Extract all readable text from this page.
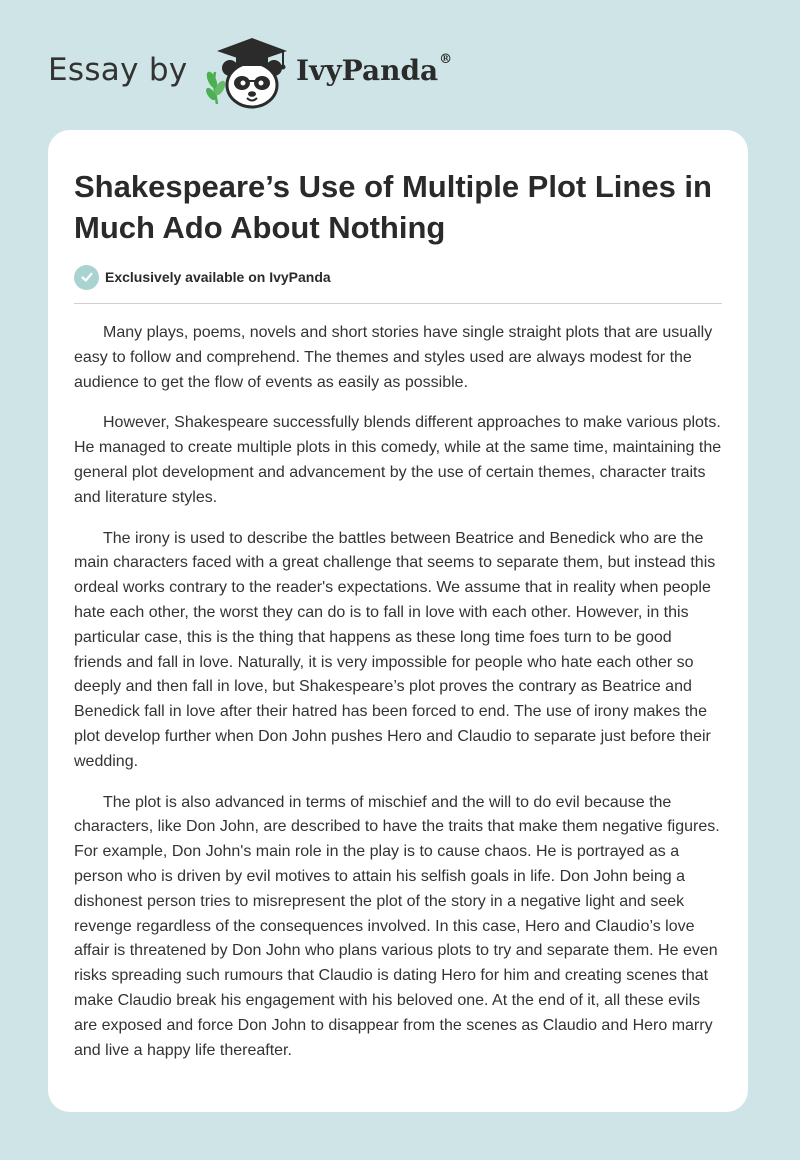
Essay by	IvyPanda®
Shakespeare’s Use of Multiple Plot Lines in Much Ado About Nothing
Exclusively available on IvyPanda

Many plays, poems, novels and short stories have single straight plots that are usually easy to follow and comprehend. The themes and styles used are always modest for the audience to get the flow of events as easily as possible.

However, Shakespeare successfully blends different approaches to make various plots. He managed to create multiple plots in this comedy, while at the same time, maintaining the general plot development and advancement by the use of certain themes, character traits and literature styles.

The irony is used to describe the battles between Beatrice and Benedick who are the main characters faced with a great challenge that seems to separate them, but instead this ordeal works contrary to the reader's expectations. We assume that in reality when people hate each other, the worst they can do is to fall in love with each other. However, in this particular case, this is the thing that happens as these long time foes turn to be good friends and fall in love. Naturally, it is very impossible for people who hate each other so deeply and then fall in love, but Shakespeare’s plot proves the contrary as Beatrice and Benedick fall in love after their hatred has been forced to end. The use of irony makes the plot develop further when Don John pushes Hero and Claudio to separate just before their wedding.

The plot is also advanced in terms of mischief and the will to do evil because the characters, like Don John, are described to have the traits that make them negative figures. For example, Don John's main role in the play is to cause chaos. He is portrayed as a person who is driven by evil motives to attain his selfish goals in life. Don John being a dishonest person tries to misrepresent the plot of the story in a negative light and seek revenge regardless of the consequences involved. In this case, Hero and Claudio’s love affair is threatened by Don John who plans various plots to try and separate them. He even risks spreading such rumours that Claudio is dating Hero for him and creating scenes that make Claudio break his engagement with his beloved one. At the end of it, all these evils are exposed and force Don John to disappear from the scenes as Claudio and Hero marry and live a happy life thereafter.
